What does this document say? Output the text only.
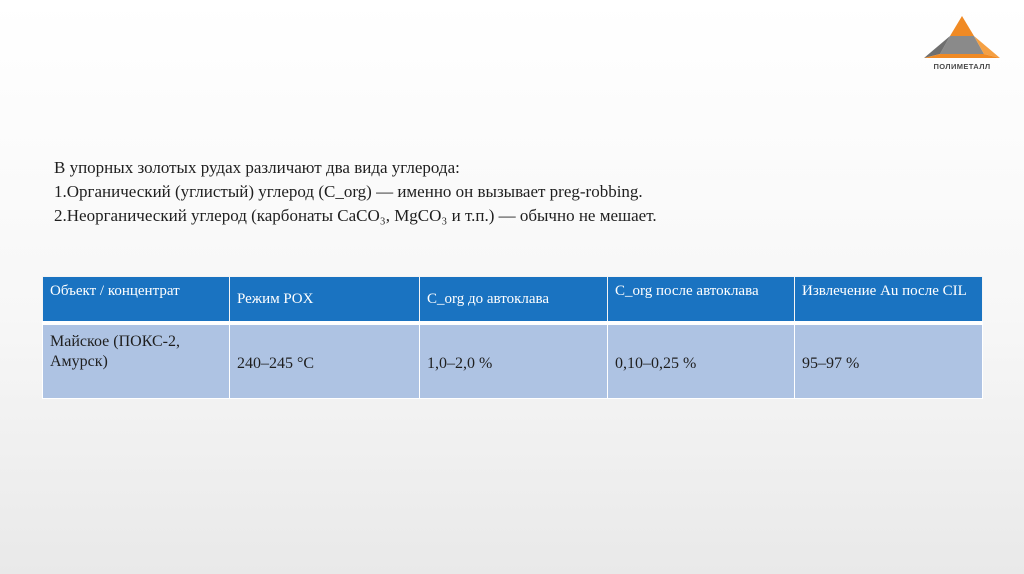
ПОЛИМЕТАЛЛ
В упорных золотых рудах различают два вида углерода:
1.Органический (углистый) углерод (C_org) — именно он вызывает preg-robbing.
2.Неорганический углерод (карбонаты CaCO₃, MgCO₃ и т.п.) — обычно не мешает.
Объект / концентрат	Режим POX	C_org до автоклава	C_org после автоклава	Извлечение Au после CIL
Майское (ПОКС-2, Амурск)	240–245 °C	1,0–2,0 %	0,10–0,25 %	95–97 %
